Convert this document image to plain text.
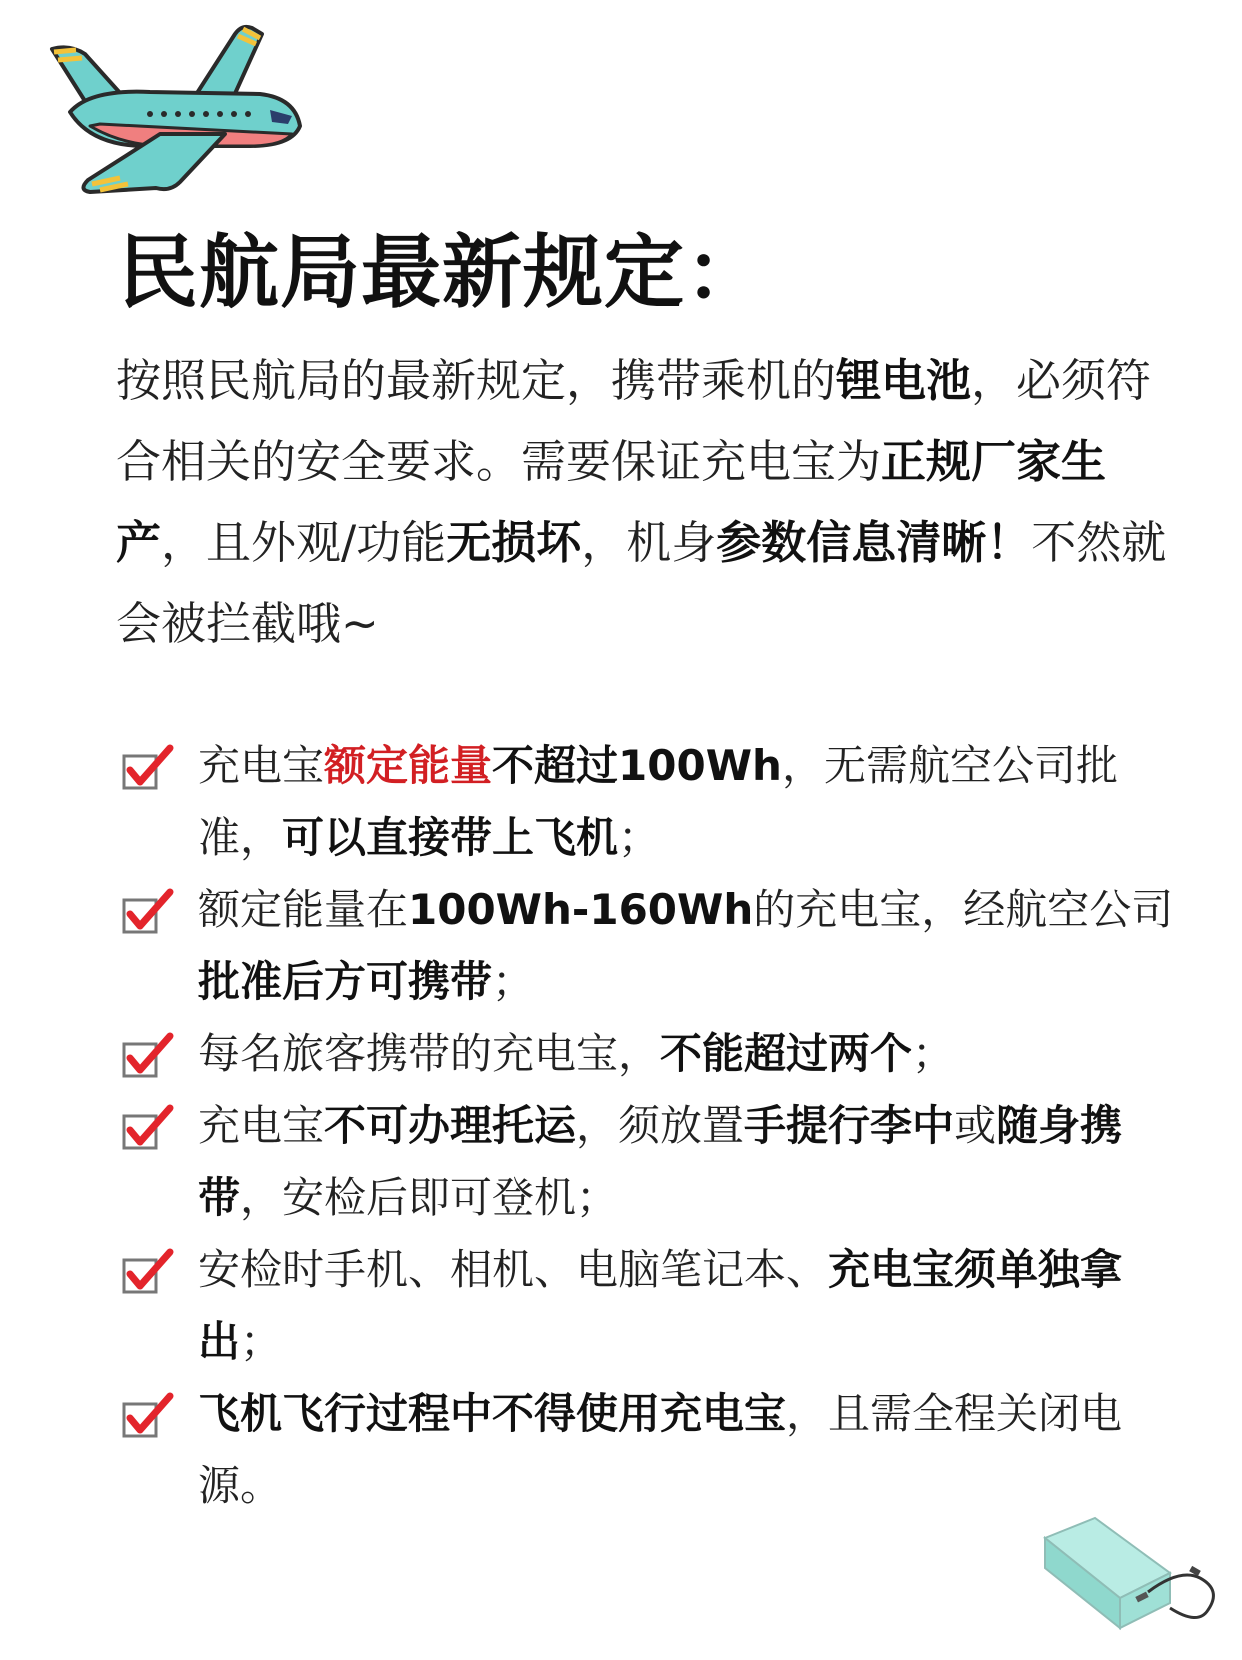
民航局最新规定：

按照民航局的最新规定，携带乘机的锂电池，必须符合相关的安全要求。需要保证充电宝为正规厂家生产，且外观/功能无损坏，机身参数信息清晰！不然就会被拦截哦~

充电宝额定能量不超过100Wh，无需航空公司批准，可以直接带上飞机；
额定能量在100Wh-160Wh的充电宝，经航空公司批准后方可携带；
每名旅客携带的充电宝，不能超过两个；
充电宝不可办理托运，须放置手提行李中或随身携带，安检后即可登机；
安检时手机、相机、电脑笔记本、充电宝须单独拿出；
飞机飞行过程中不得使用充电宝，且需全程关闭电源。
